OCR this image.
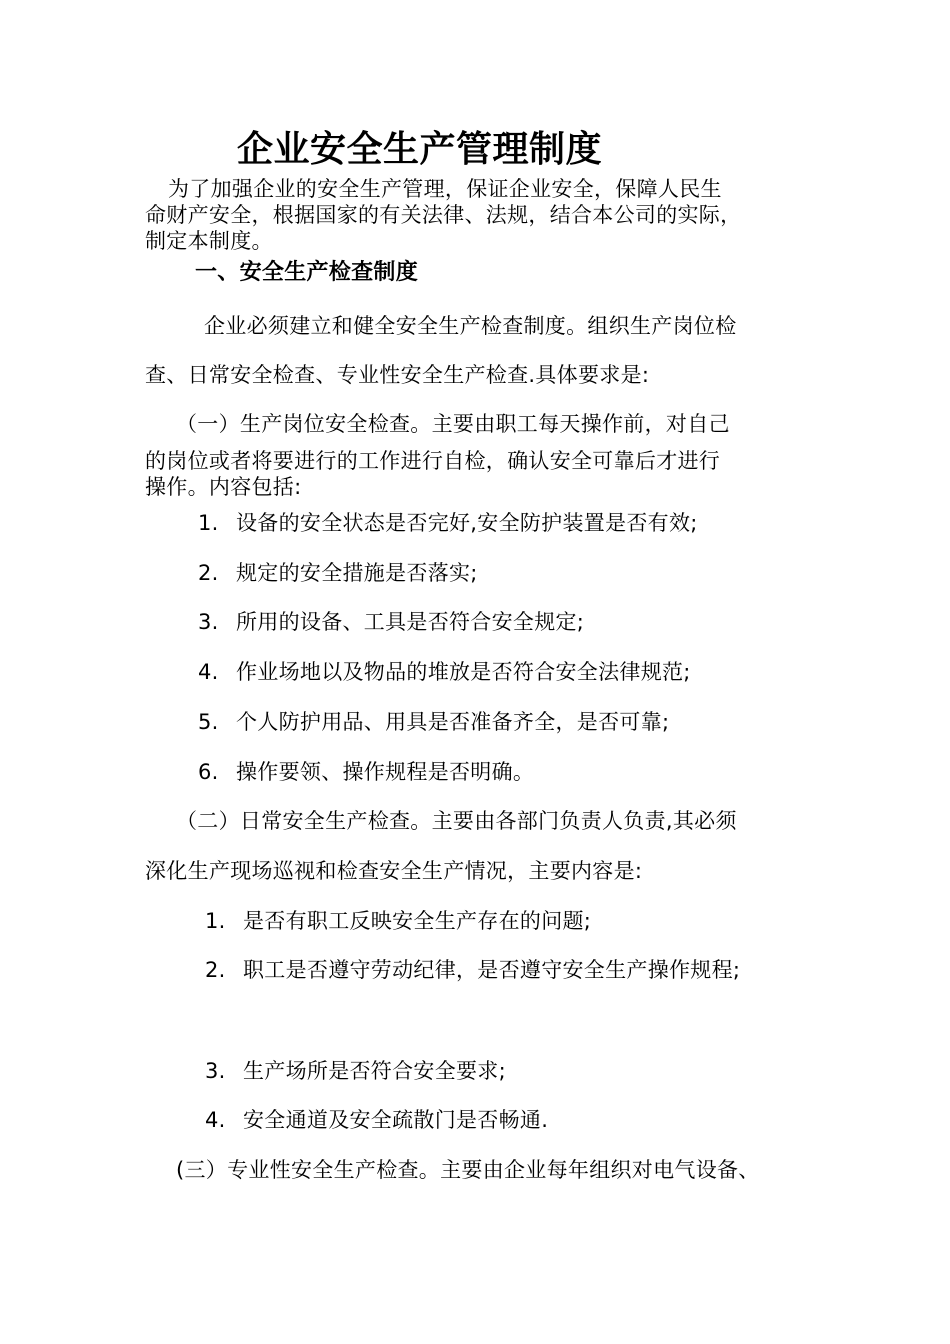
企业安全生产管理制度
为了加强企业的安全生产管理，保证企业安全，保障人民生
命财产安全，根据国家的有关法律、法规，结合本公司的实际，
制定本制度。
一、安全生产检查制度
企业必须建立和健全安全生产检查制度。组织生产岗位检
查、日常安全检查、专业性安全生产检查.具体要求是:
（一）生产岗位安全检查。主要由职工每天操作前，对自己
的岗位或者将要进行的工作进行自检，确认安全可靠后才进行
操作。内容包括:
1. 设备的安全状态是否完好,安全防护装置是否有效;
2. 规定的安全措施是否落实;
3. 所用的设备、工具是否符合安全规定;
4. 作业场地以及物品的堆放是否符合安全法律规范;
5. 个人防护用品、用具是否准备齐全，是否可靠;
6. 操作要领、操作规程是否明确。
（二）日常安全生产检查。主要由各部门负责人负责,其必须
深化生产现场巡视和检查安全生产情况，主要内容是:
1. 是否有职工反映安全生产存在的问题;
2. 职工是否遵守劳动纪律，是否遵守安全生产操作规程;
3. 生产场所是否符合安全要求;
4. 安全通道及安全疏散门是否畅通.
(三）专业性安全生产检查。主要由企业每年组织对电气设备、
